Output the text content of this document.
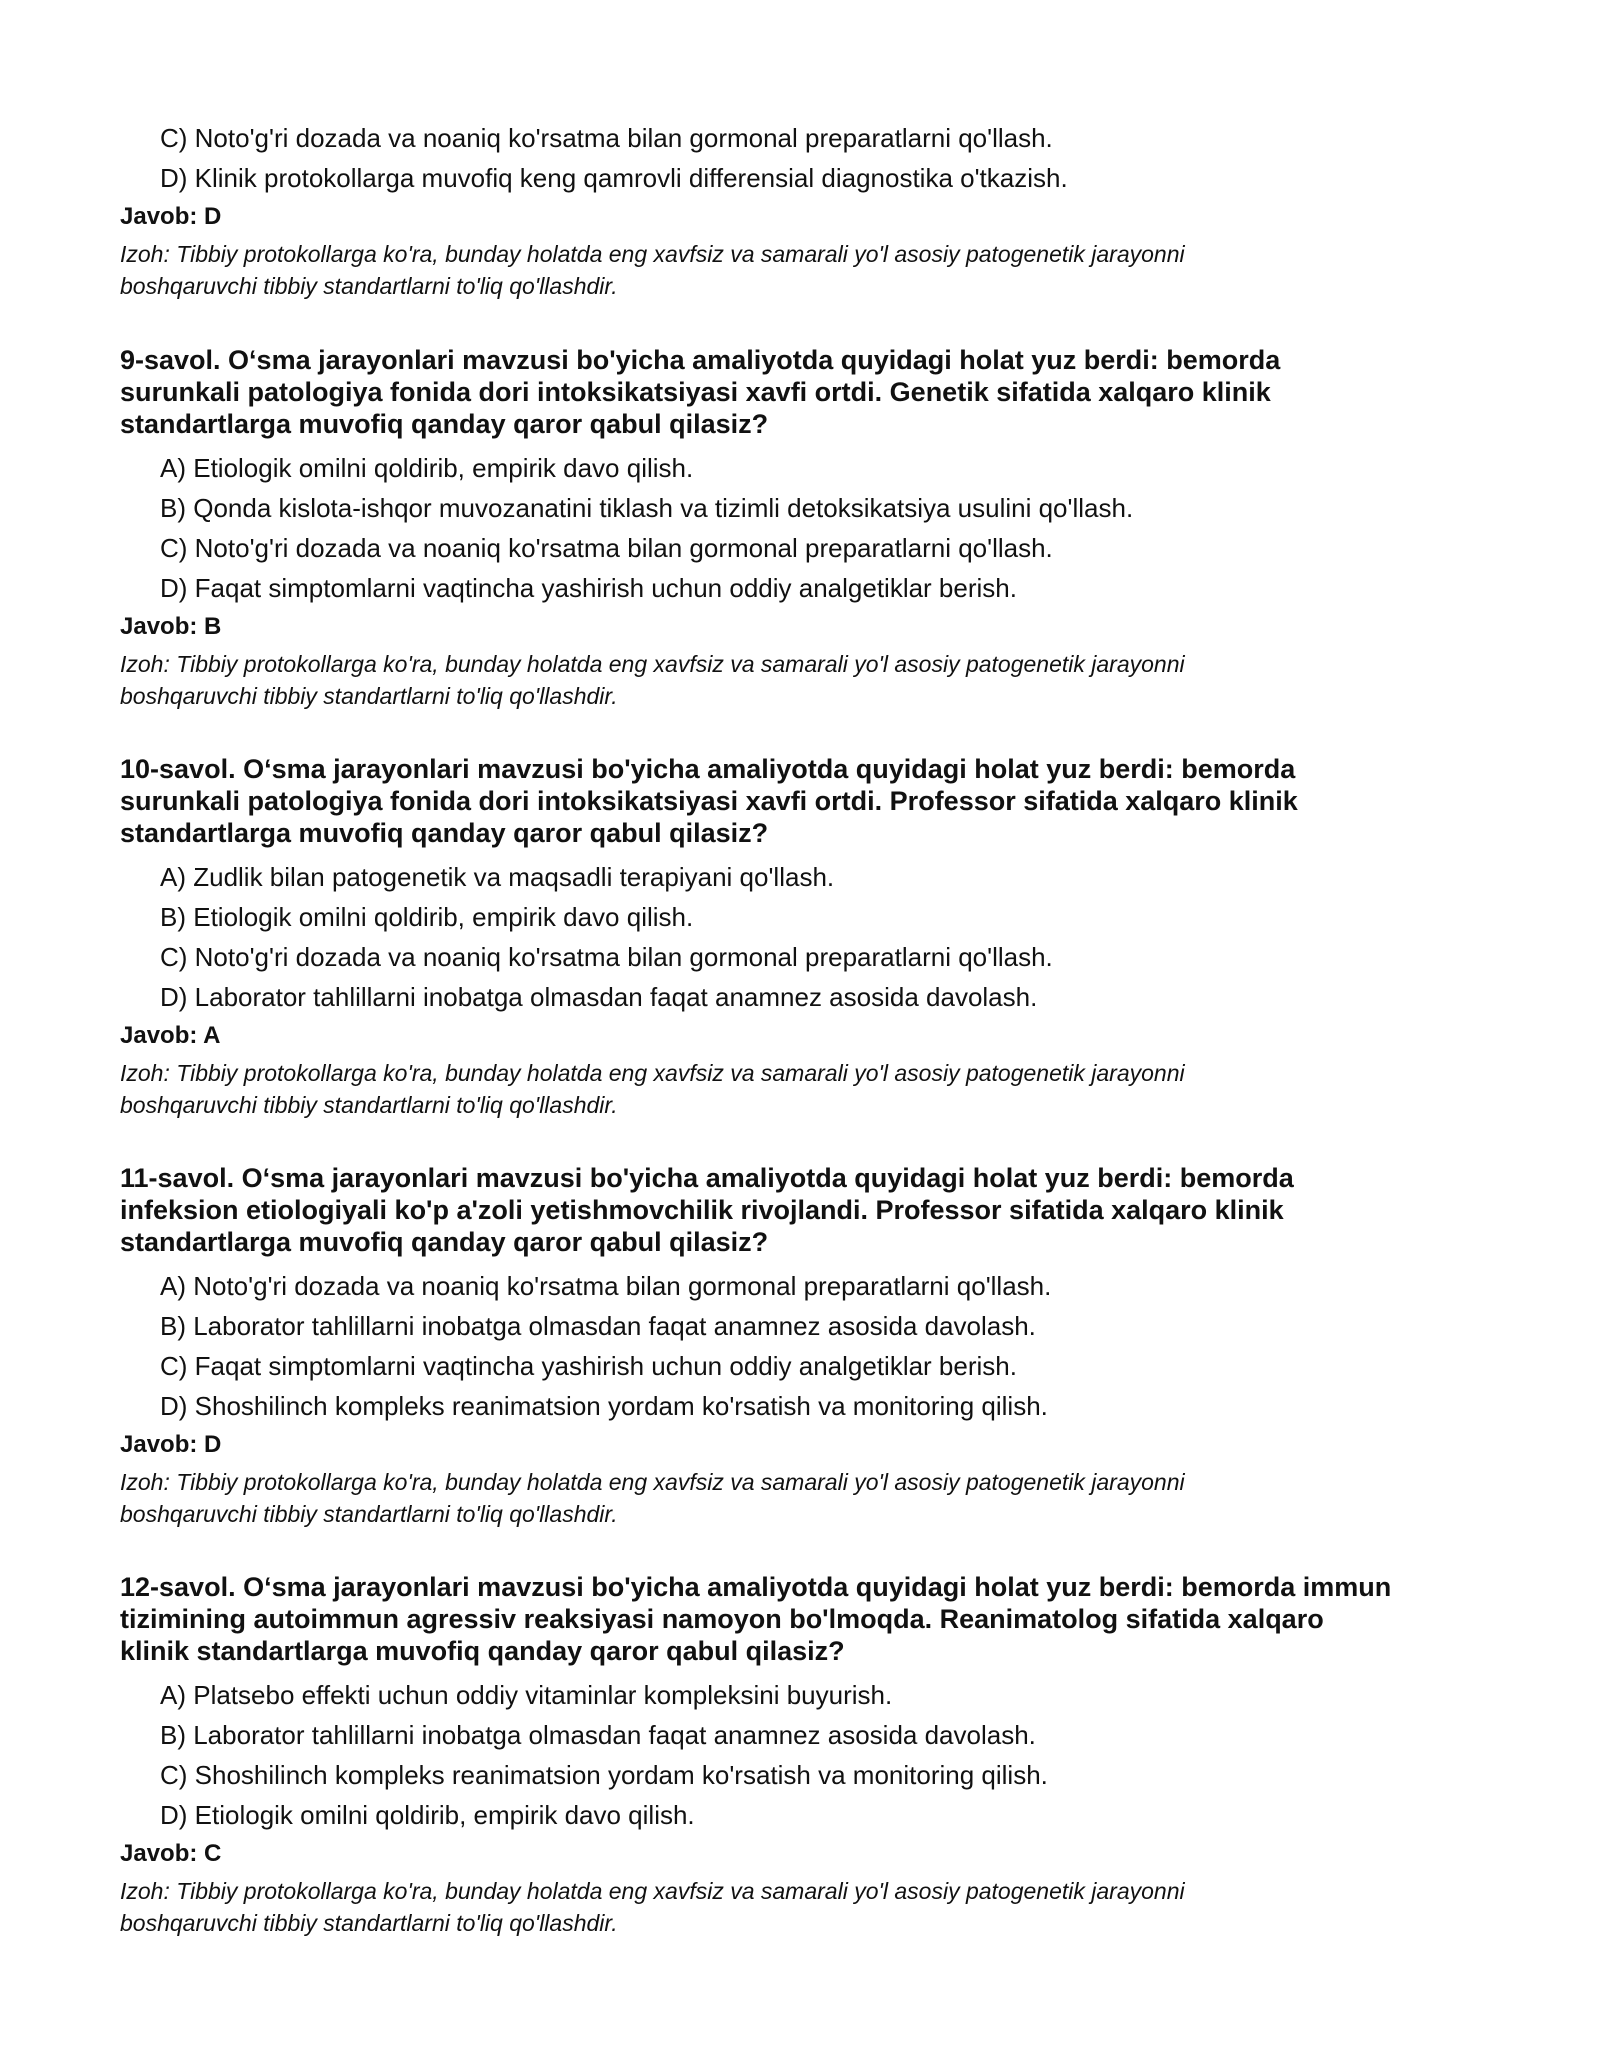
C) Noto'g'ri dozada va noaniq ko'rsatma bilan gormonal preparatlarni qo'llash.
D) Klinik protokollarga muvofiq keng qamrovli differensial diagnostika o'tkazish.
Javob: D
Izoh: Tibbiy protokollarga ko'ra, bunday holatda eng xavfsiz va samarali yo'l asosiy patogenetik jarayonni
boshqaruvchi tibbiy standartlarni to'liq qo'llashdir.
9-savol. O‘sma jarayonlari mavzusi bo'yicha amaliyotda quyidagi holat yuz berdi: bemorda
surunkali patologiya fonida dori intoksikatsiyasi xavfi ortdi. Genetik sifatida xalqaro klinik
standartlarga muvofiq qanday qaror qabul qilasiz?
A) Etiologik omilni qoldirib, empirik davo qilish.
B) Qonda kislota-ishqor muvozanatini tiklash va tizimli detoksikatsiya usulini qo'llash.
C) Noto'g'ri dozada va noaniq ko'rsatma bilan gormonal preparatlarni qo'llash.
D) Faqat simptomlarni vaqtincha yashirish uchun oddiy analgetiklar berish.
Javob: B
Izoh: Tibbiy protokollarga ko'ra, bunday holatda eng xavfsiz va samarali yo'l asosiy patogenetik jarayonni
boshqaruvchi tibbiy standartlarni to'liq qo'llashdir.
10-savol. O‘sma jarayonlari mavzusi bo'yicha amaliyotda quyidagi holat yuz berdi: bemorda
surunkali patologiya fonida dori intoksikatsiyasi xavfi ortdi. Professor sifatida xalqaro klinik
standartlarga muvofiq qanday qaror qabul qilasiz?
A) Zudlik bilan patogenetik va maqsadli terapiyani qo'llash.
B) Etiologik omilni qoldirib, empirik davo qilish.
C) Noto'g'ri dozada va noaniq ko'rsatma bilan gormonal preparatlarni qo'llash.
D) Laborator tahlillarni inobatga olmasdan faqat anamnez asosida davolash.
Javob: A
Izoh: Tibbiy protokollarga ko'ra, bunday holatda eng xavfsiz va samarali yo'l asosiy patogenetik jarayonni
boshqaruvchi tibbiy standartlarni to'liq qo'llashdir.
11-savol. O‘sma jarayonlari mavzusi bo'yicha amaliyotda quyidagi holat yuz berdi: bemorda
infeksion etiologiyali ko'p a'zoli yetishmovchilik rivojlandi. Professor sifatida xalqaro klinik
standartlarga muvofiq qanday qaror qabul qilasiz?
A) Noto'g'ri dozada va noaniq ko'rsatma bilan gormonal preparatlarni qo'llash.
B) Laborator tahlillarni inobatga olmasdan faqat anamnez asosida davolash.
C) Faqat simptomlarni vaqtincha yashirish uchun oddiy analgetiklar berish.
D) Shoshilinch kompleks reanimatsion yordam ko'rsatish va monitoring qilish.
Javob: D
Izoh: Tibbiy protokollarga ko'ra, bunday holatda eng xavfsiz va samarali yo'l asosiy patogenetik jarayonni
boshqaruvchi tibbiy standartlarni to'liq qo'llashdir.
12-savol. O‘sma jarayonlari mavzusi bo'yicha amaliyotda quyidagi holat yuz berdi: bemorda immun
tizimining autoimmun agressiv reaksiyasi namoyon bo'lmoqda. Reanimatolog sifatida xalqaro
klinik standartlarga muvofiq qanday qaror qabul qilasiz?
A) Platsebo effekti uchun oddiy vitaminlar kompleksini buyurish.
B) Laborator tahlillarni inobatga olmasdan faqat anamnez asosida davolash.
C) Shoshilinch kompleks reanimatsion yordam ko'rsatish va monitoring qilish.
D) Etiologik omilni qoldirib, empirik davo qilish.
Javob: C
Izoh: Tibbiy protokollarga ko'ra, bunday holatda eng xavfsiz va samarali yo'l asosiy patogenetik jarayonni
boshqaruvchi tibbiy standartlarni to'liq qo'llashdir.
